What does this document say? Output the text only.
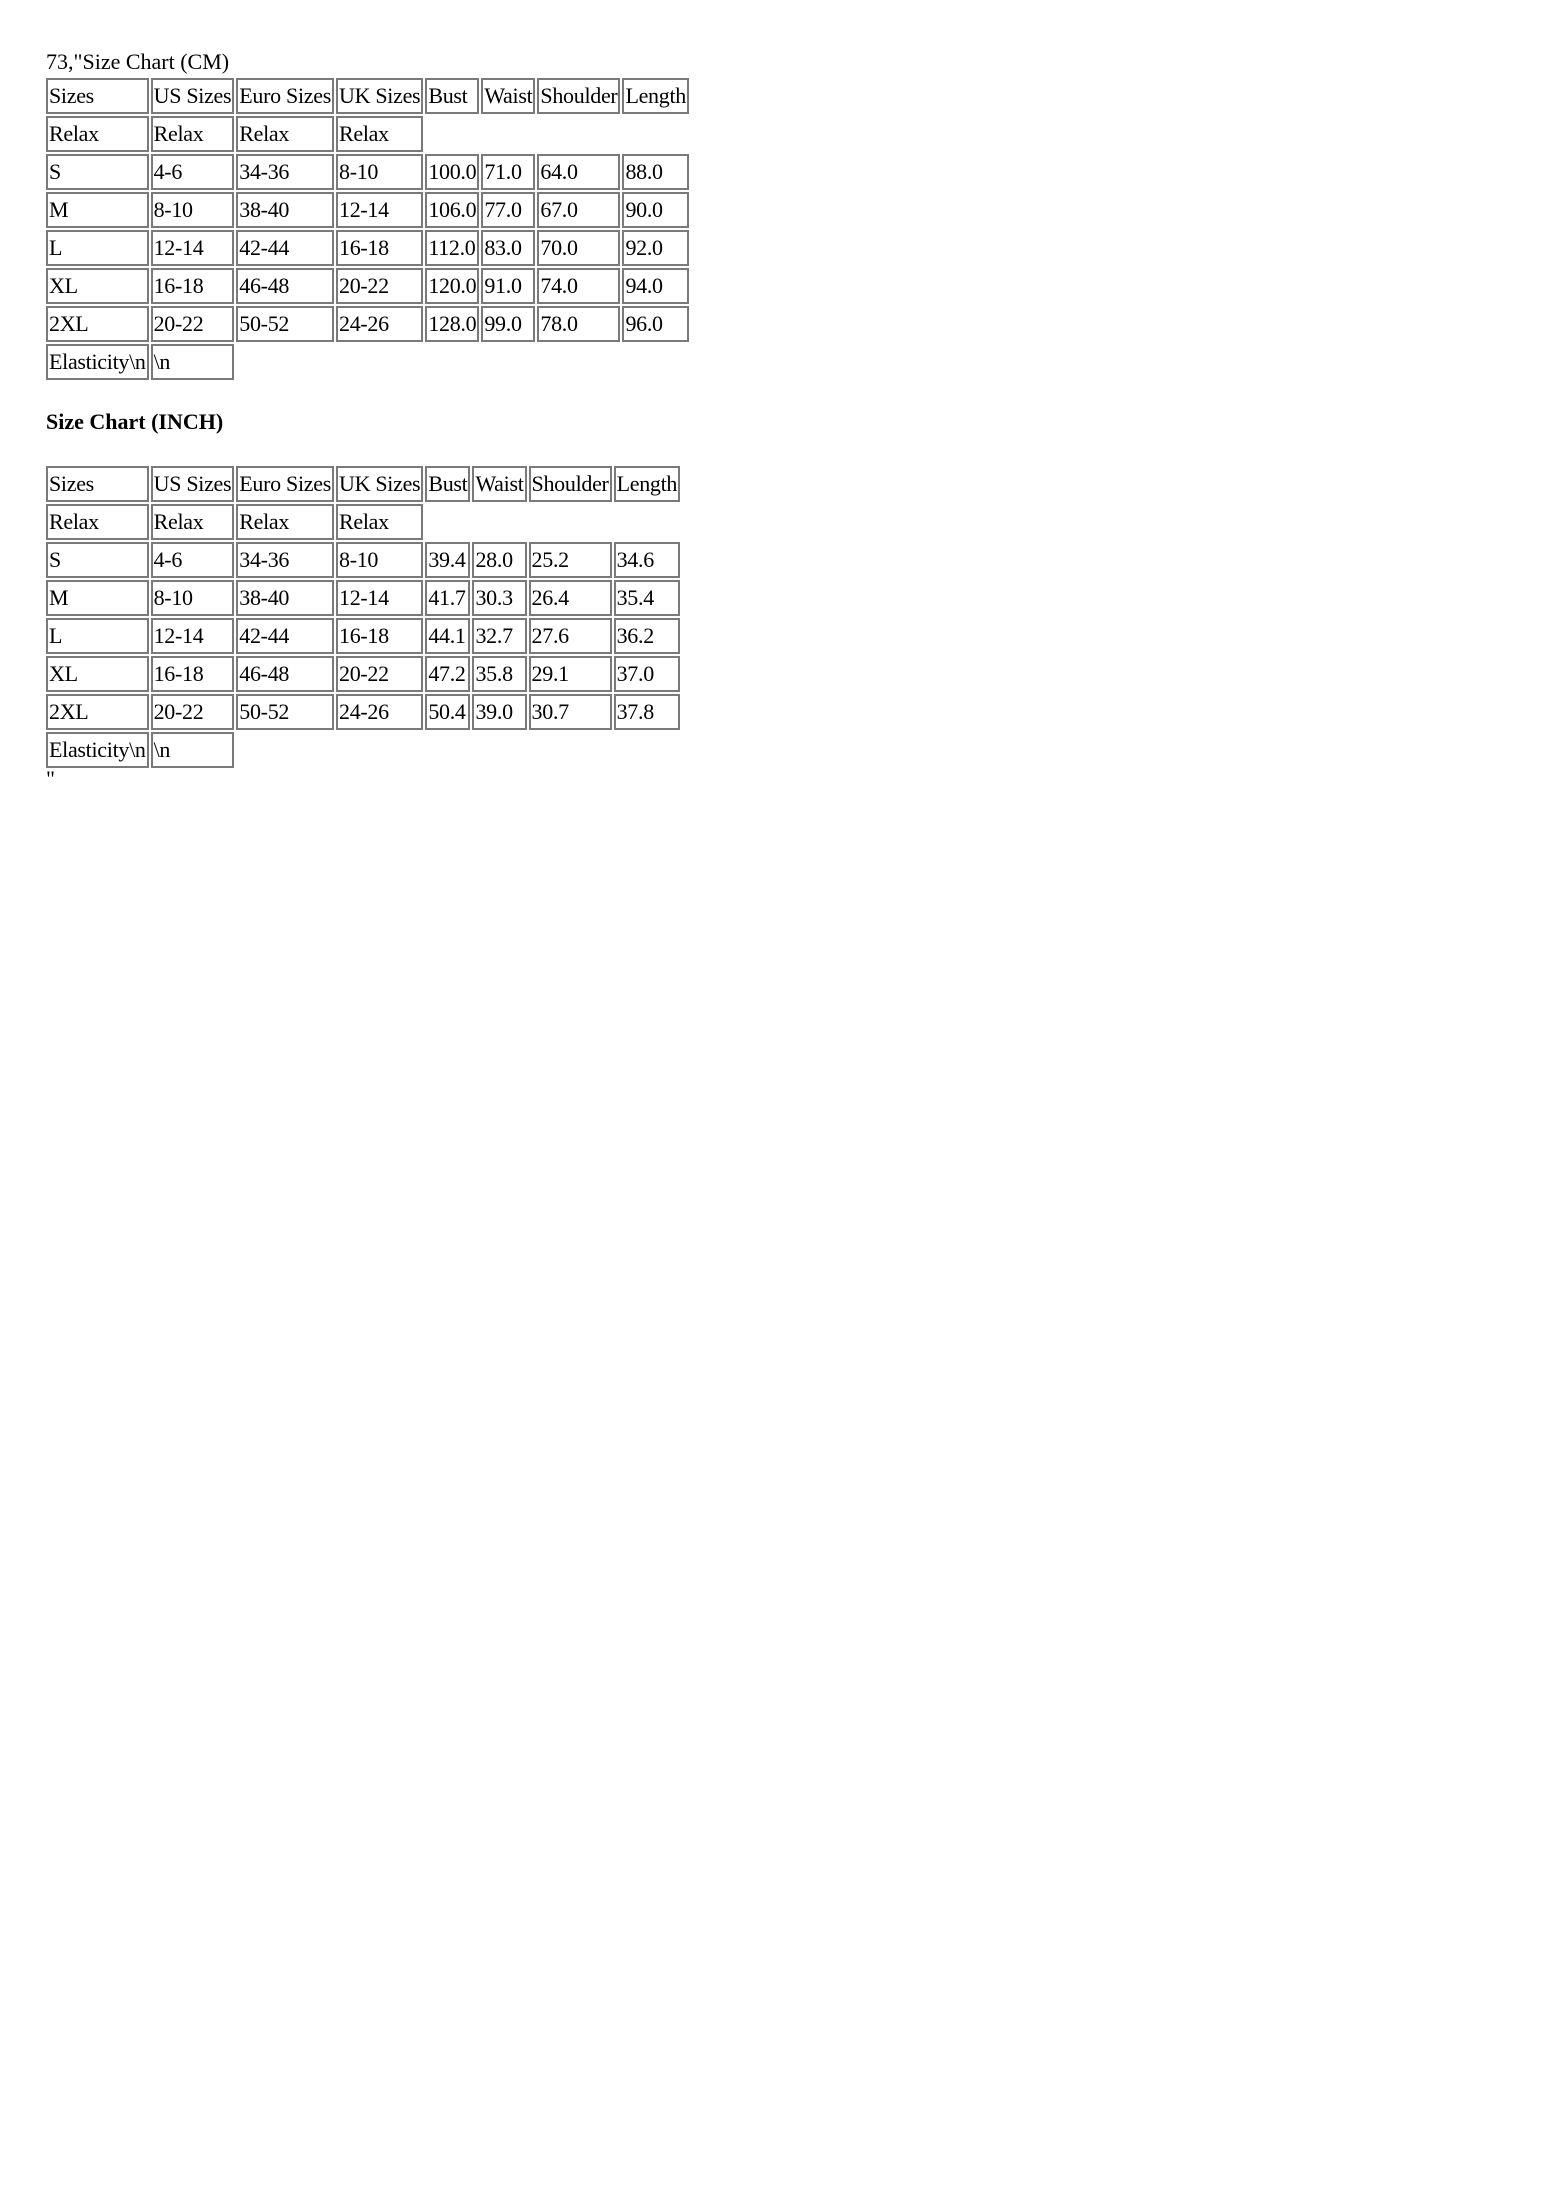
73,"Size Chart (CM)
Sizes	US Sizes	Euro Sizes	UK Sizes	Bust	Waist	Shoulder	Length
Relax	Relax	Relax	Relax				
S	4-6	34-36	8-10	100.0	71.0	64.0	88.0
M	8-10	38-40	12-14	106.0	77.0	67.0	90.0
L	12-14	42-44	16-18	112.0	83.0	70.0	92.0
XL	16-18	46-48	20-22	120.0	91.0	74.0	94.0
2XL	20-22	50-52	24-26	128.0	99.0	78.0	96.0
Elasticity\n	\n						
Size Chart (INCH)
Sizes	US Sizes	Euro Sizes	UK Sizes	Bust	Waist	Shoulder	Length
Relax	Relax	Relax	Relax				
S	4-6	34-36	8-10	39.4	28.0	25.2	34.6
M	8-10	38-40	12-14	41.7	30.3	26.4	35.4
L	12-14	42-44	16-18	44.1	32.7	27.6	36.2
XL	16-18	46-48	20-22	47.2	35.8	29.1	37.0
2XL	20-22	50-52	24-26	50.4	39.0	30.7	37.8
Elasticity\n	\n						
"
